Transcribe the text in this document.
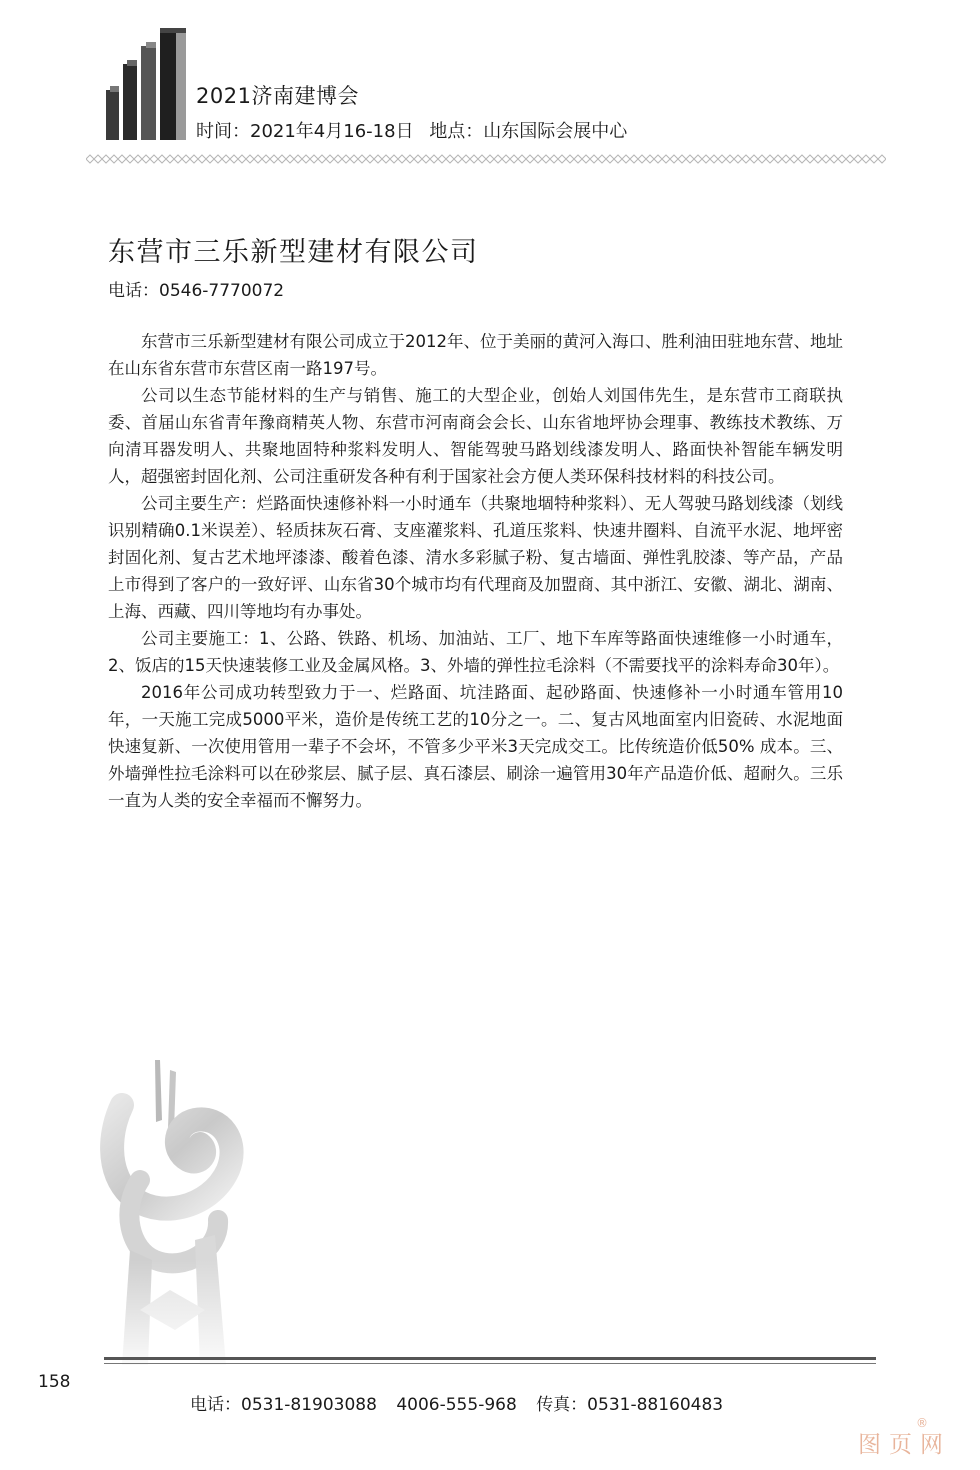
2021济南建博会
时间：2021年4月16-18日 地点：山东国际会展中心
东营市三乐新型建材有限公司
电话：0546-7770072

东营市三乐新型建材有限公司成立于2012年、位于美丽的黄河入海口、胜利油田驻地东营、地址在山东省东营市东营区南一路197号。

公司以生态节能材料的生产与销售、施工的大型企业，创始人刘国伟先生，是东营市工商联执委、首届山东省青年豫商精英人物、东营市河南商会会长、山东省地坪协会理事、教练技术教练、万向清耳器发明人、共聚地固特种浆料发明人、智能驾驶马路划线漆发明人、路面快补智能车辆发明人，超强密封固化剂、公司注重研发各种有利于国家社会方便人类环保科技材料的科技公司。

公司主要生产：烂路面快速修补料一小时通车（共聚地堌特种浆料）、无人驾驶马路划线漆（划线识别精确0.1米误差）、轻质抹灰石膏、支座灌浆料、孔道压浆料、快速井圈料、自流平水泥、地坪密封固化剂、复古艺术地坪漆漆、酸着色漆、清水多彩腻子粉、复古墙面、弹性乳胶漆、等产品，产品上市得到了客户的一致好评、山东省30个城市均有代理商及加盟商、其中浙江、安徽、湖北、湖南、上海、西藏、四川等地均有办事处。

公司主要施工：1、公路、铁路、机场、加油站、工厂、地下车库等路面快速维修一小时通车，2、饭店的15天快速装修工业及金属风格。3、外墙的弹性拉毛涂料（不需要找平的涂料寿命30年）。

2016年公司成功转型致力于一、烂路面、坑洼路面、起砂路面、快速修补一小时通车管用10年，一天施工完成5000平米，造价是传统工艺的10分之一。二、复古风地面室内旧瓷砖、水泥地面快速复新、一次使用管用一辈子不会坏，不管多少平米3天完成交工。比传统造价低50% 成本。三、外墙弹性拉毛涂料可以在砂浆层、腻子层、真石漆层、刷涂一遍管用30年产品造价低、超耐久。三乐一直为人类的安全幸福而不懈努力。

158
电话：0531-81903088 4006-555-968 传真：0531-88160483
图页网
®
